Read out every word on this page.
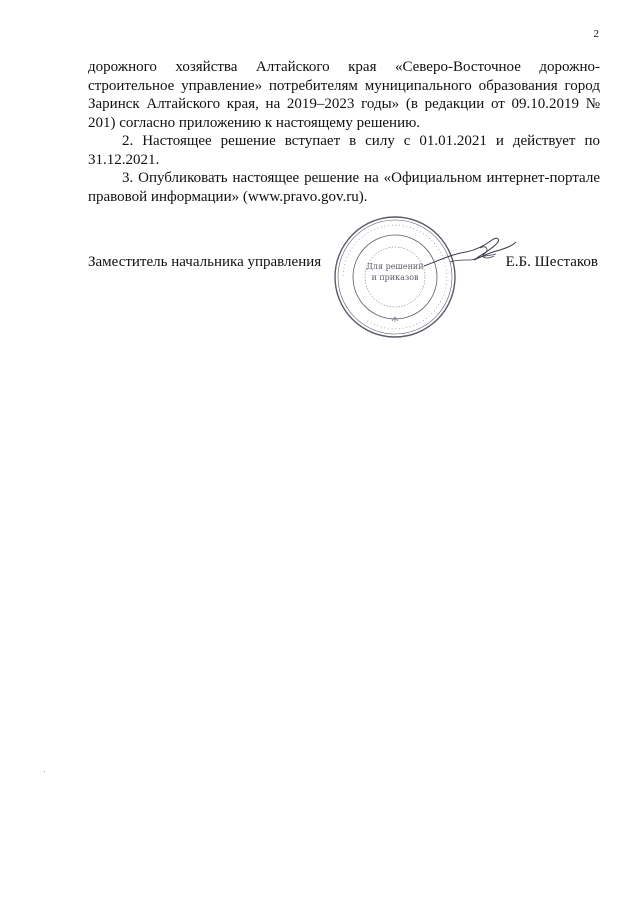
2

дорожного хозяйства Алтайского края «Северо-Восточное дорожно-строительное управление» потребителям муниципального образования город Заринск Алтайского края, на 2019–2023 годы» (в редакции от 09.10.2019 № 201) согласно приложению к настоящему решению.

2. Настоящее решение вступает в силу с 01.01.2021 и действует по 31.12.2021.

3. Опубликовать настоящее решение на «Официальном интернет-портале правовой информации» (www.pravo.gov.ru).

Заместитель начальника управления	Е.Б. Шестаков
···········································································
Для решений
и приказов
